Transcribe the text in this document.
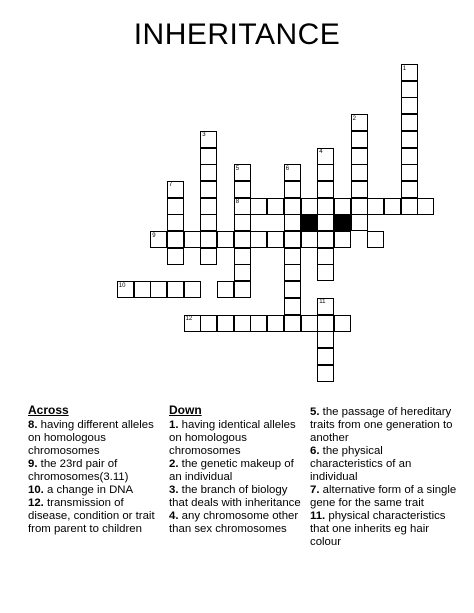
INHERITANCE
1
2
3
4
5	6
7
8
9
10
11
12
Across

8. having different alleles on homologous chromosomes

9. the 23rd pair of chromosomes(3.11)

10. a change in DNA

12. transmission of disease, condition or trait from parent to children

Down

1. having identical alleles on homologous chromosomes

2. the genetic makeup of an individual

3. the branch of biology that deals with inheritance

4. any chromosome other than sex chromosomes

5. the passage of hereditary traits from one generation to another

6. the physical characteristics of an individual

7. alternative form of a single gene for the same trait

11. physical characteristics that one inherits eg hair colour
